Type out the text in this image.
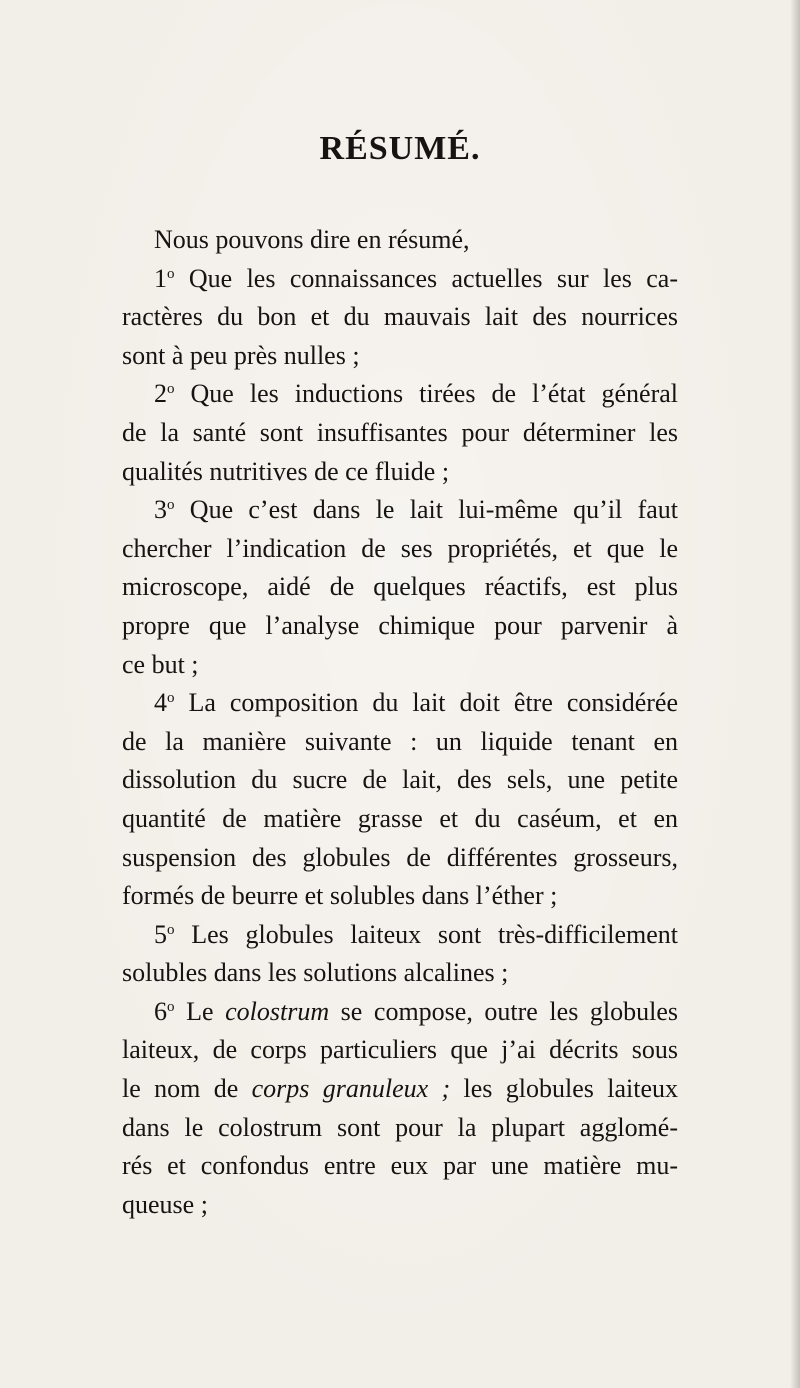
RÉSUMÉ.
Nous pouvons dire en résumé,
1$^o$ Que les connaissances actuelles sur les ca-
ractères du bon et du mauvais lait des nourrices
sont à peu près nulles ;
2$^o$ Que les inductions tirées de l’état général
de la santé sont insuffisantes pour déterminer les
qualités nutritives de ce fluide ;
3$^o$ Que c’est dans le lait lui-même qu’il faut
chercher l’indication de ses propriétés, et que le
microscope, aidé de quelques réactifs, est plus
propre que l’analyse chimique pour parvenir à
ce but ;
4$^o$ La composition du lait doit être considérée
de la manière suivante : un liquide tenant en
dissolution du sucre de lait, des sels, une petite
quantité de matière grasse et du caséum, et en
suspension des globules de différentes grosseurs,
formés de beurre et solubles dans l’éther ;
5$^o$ Les globules laiteux sont très-difficilement
solubles dans les solutions alcalines ;
6$^o$ Le colostrum se compose, outre les globules
laiteux, de corps particuliers que j’ai décrits sous
le nom de corps granuleux ; les globules laiteux
dans le colostrum sont pour la plupart agglomé-
rés et confondus entre eux par une matière mu-
queuse ;
